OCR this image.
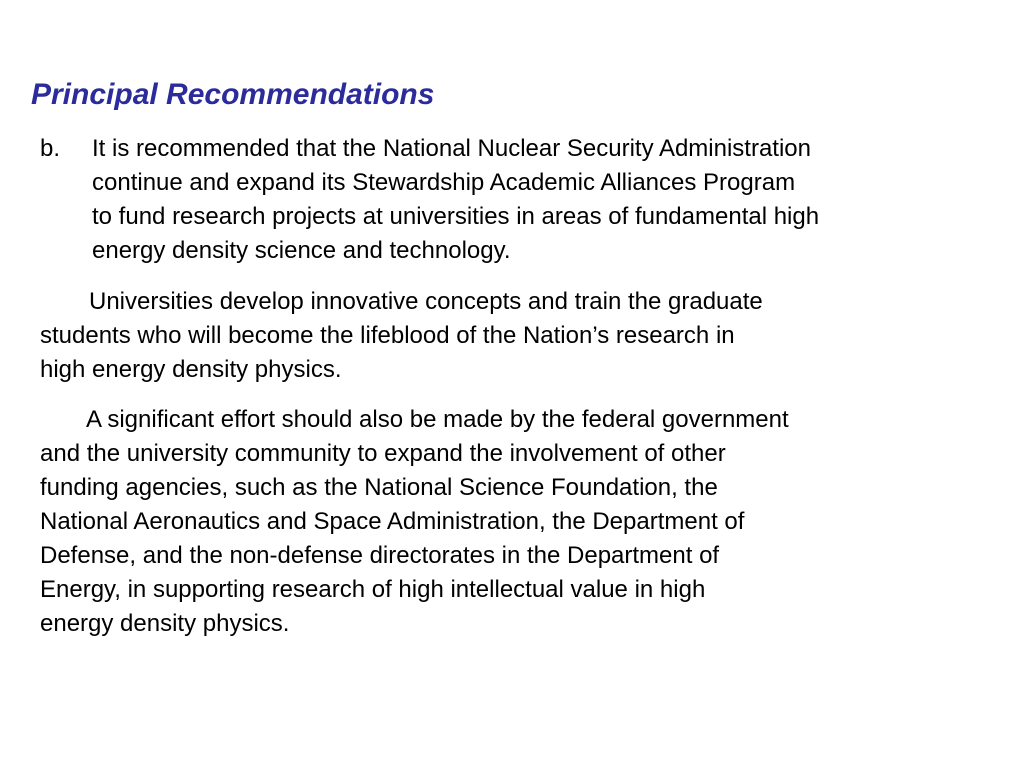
Principal Recommendations
b.	It is recommended that the National Nuclear Security Administration
continue and expand its Stewardship Academic Alliances Program
to fund research projects at universities in areas of fundamental high
energy density science and technology.

Universities develop innovative concepts and train the graduate
students who will become the lifeblood of the Nation’s research in
high energy density physics.

A significant effort should also be made by the federal government
and the university community to expand the involvement of other
funding agencies, such as the National Science Foundation, the
National Aeronautics and Space Administration, the Department of
Defense, and the non-defense directorates in the Department of
Energy, in supporting research of high intellectual value in high
energy density physics.
